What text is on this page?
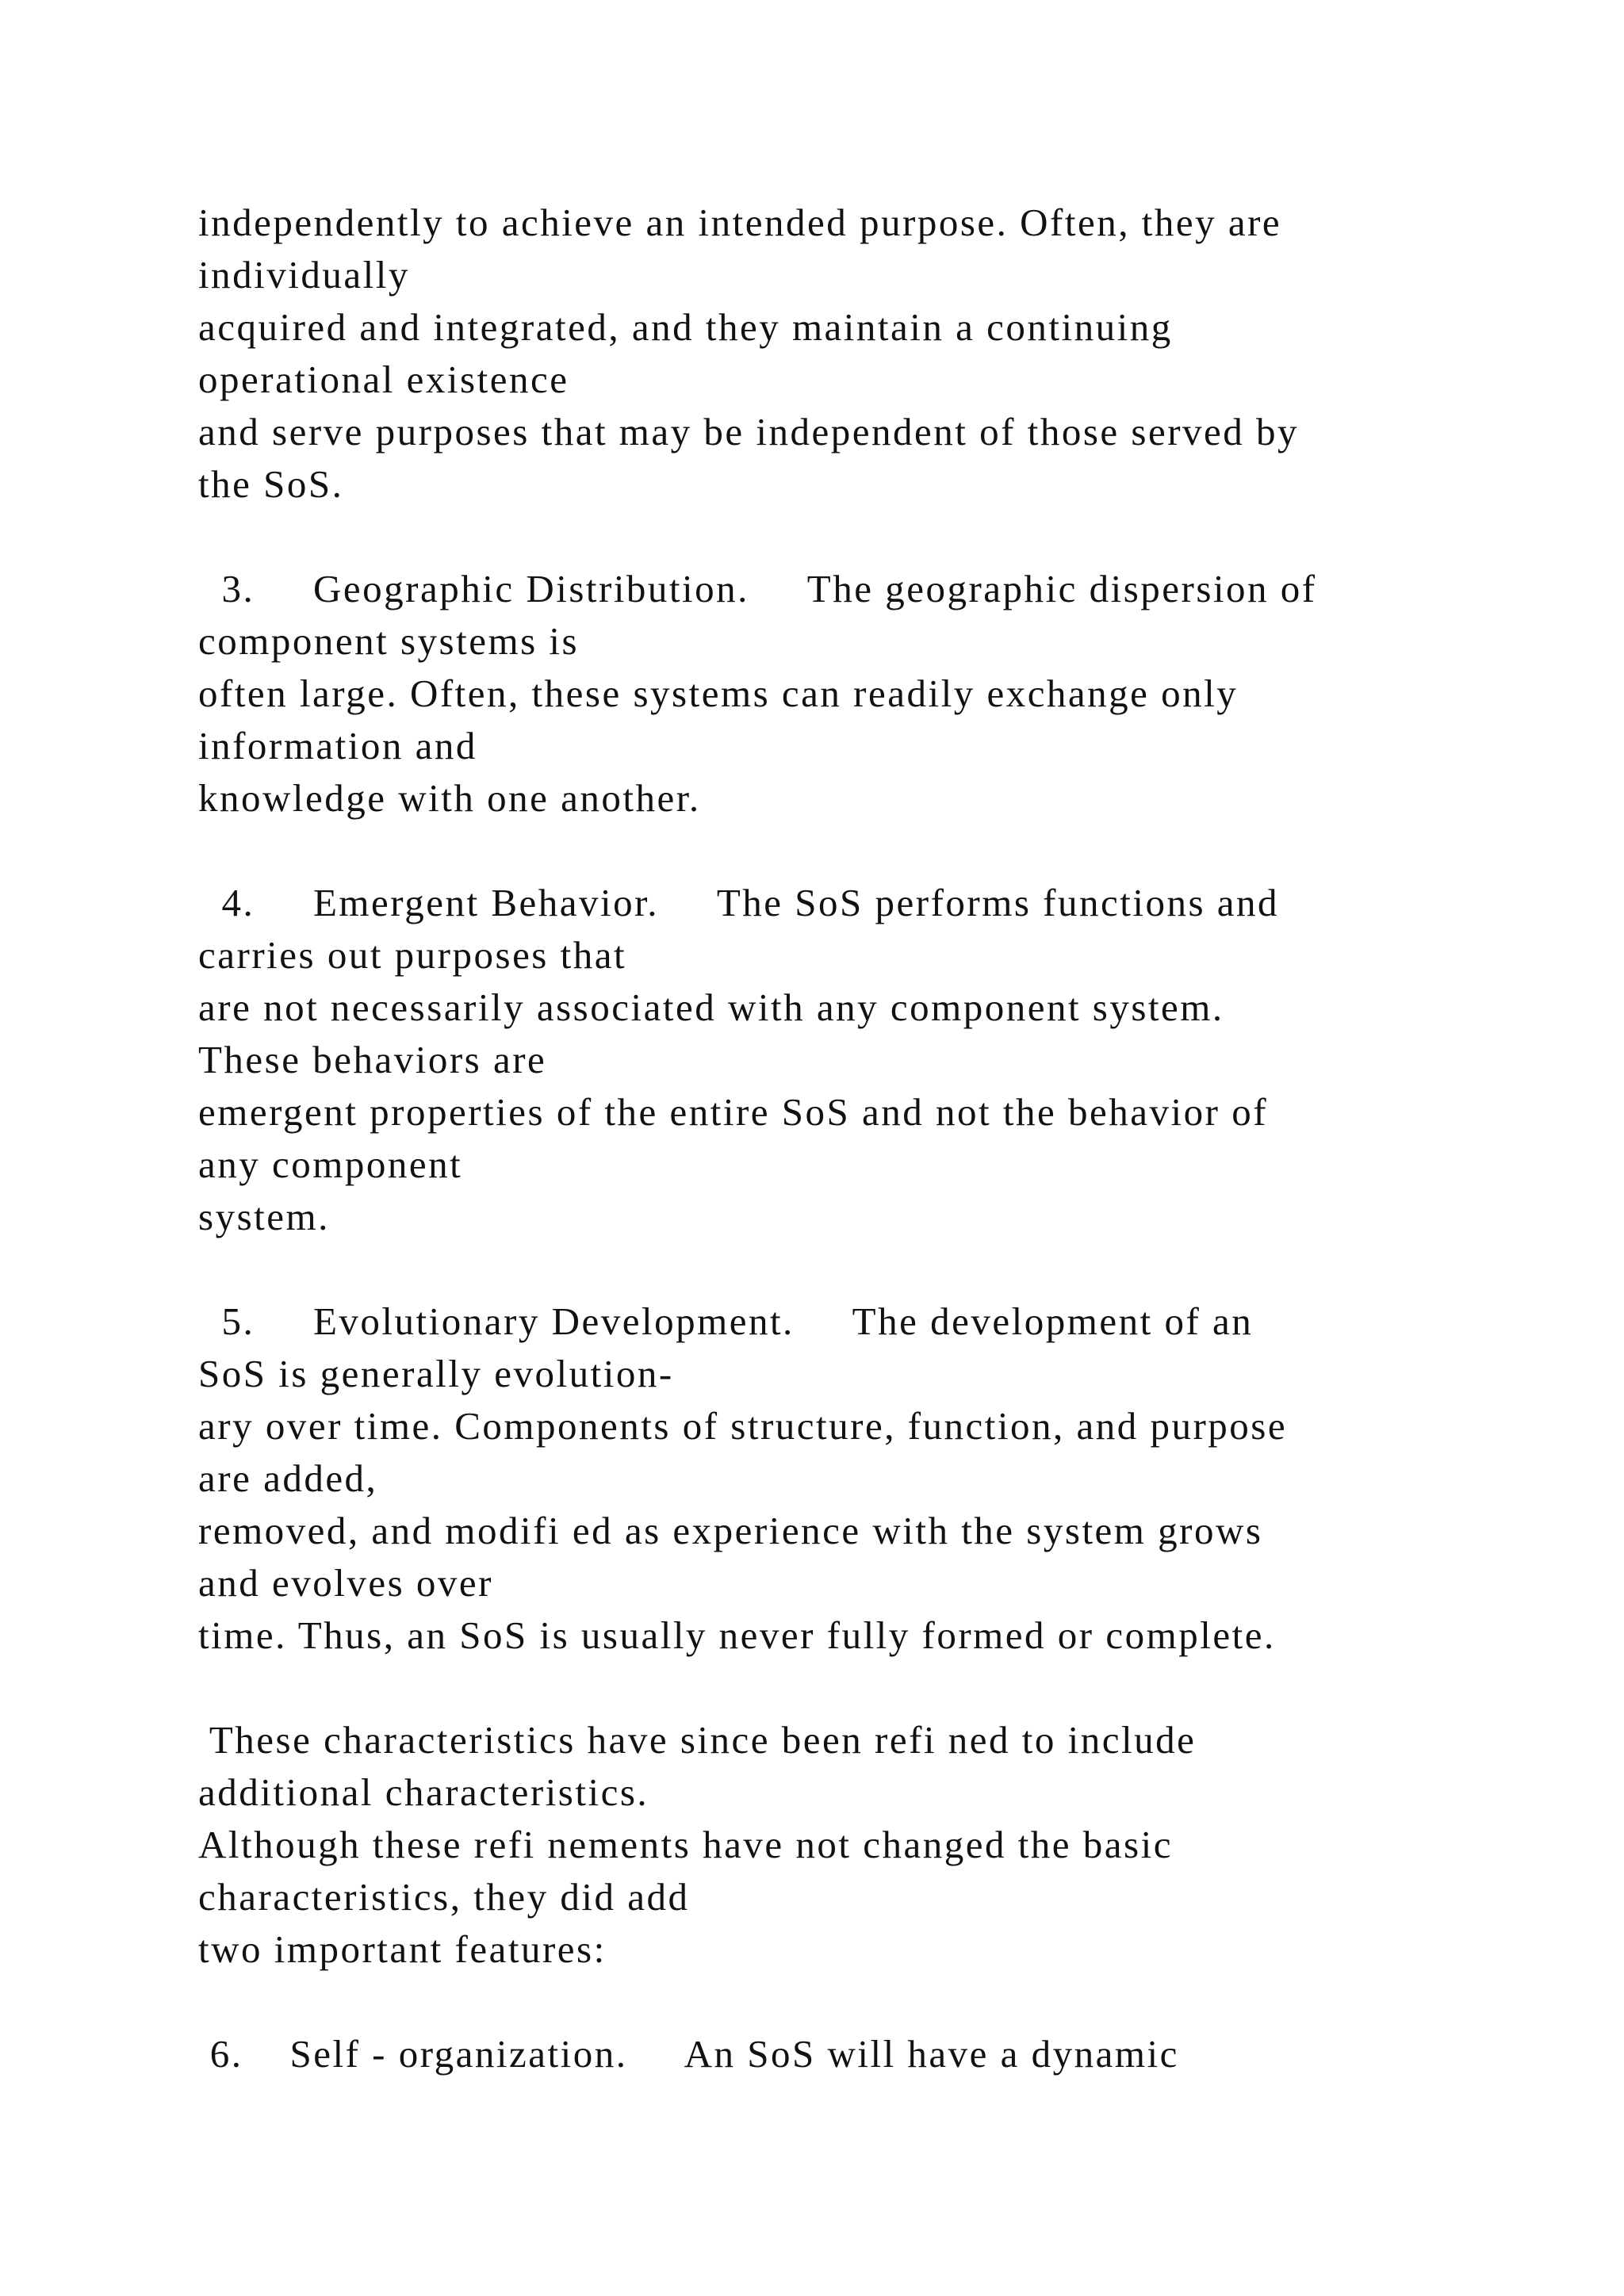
independently to achieve an intended purpose. Often, they are
individually
acquired and integrated, and they maintain a continuing
operational existence
and serve purposes that may be independent of those served by
the SoS.
3.     Geographic Distribution.     The geographic dispersion of
component systems is
often large. Often, these systems can readily exchange only
information and
knowledge with one another.
4.     Emergent Behavior.     The SoS performs functions and
carries out purposes that
are not necessarily associated with any component system.
These behaviors are
emergent properties of the entire SoS and not the behavior of
any component
system.
5.     Evolutionary Development.     The development of an
SoS is generally evolution-
ary over time. Components of structure, function, and purpose
are added,
removed, and modifi ed as experience with the system grows
and evolves over
time. Thus, an SoS is usually never fully formed or complete.
These characteristics have since been refi ned to include
additional characteristics.
Although these refi nements have not changed the basic
characteristics, they did add
two important features:
6.    Self - organization.     An SoS will have a dynamic
